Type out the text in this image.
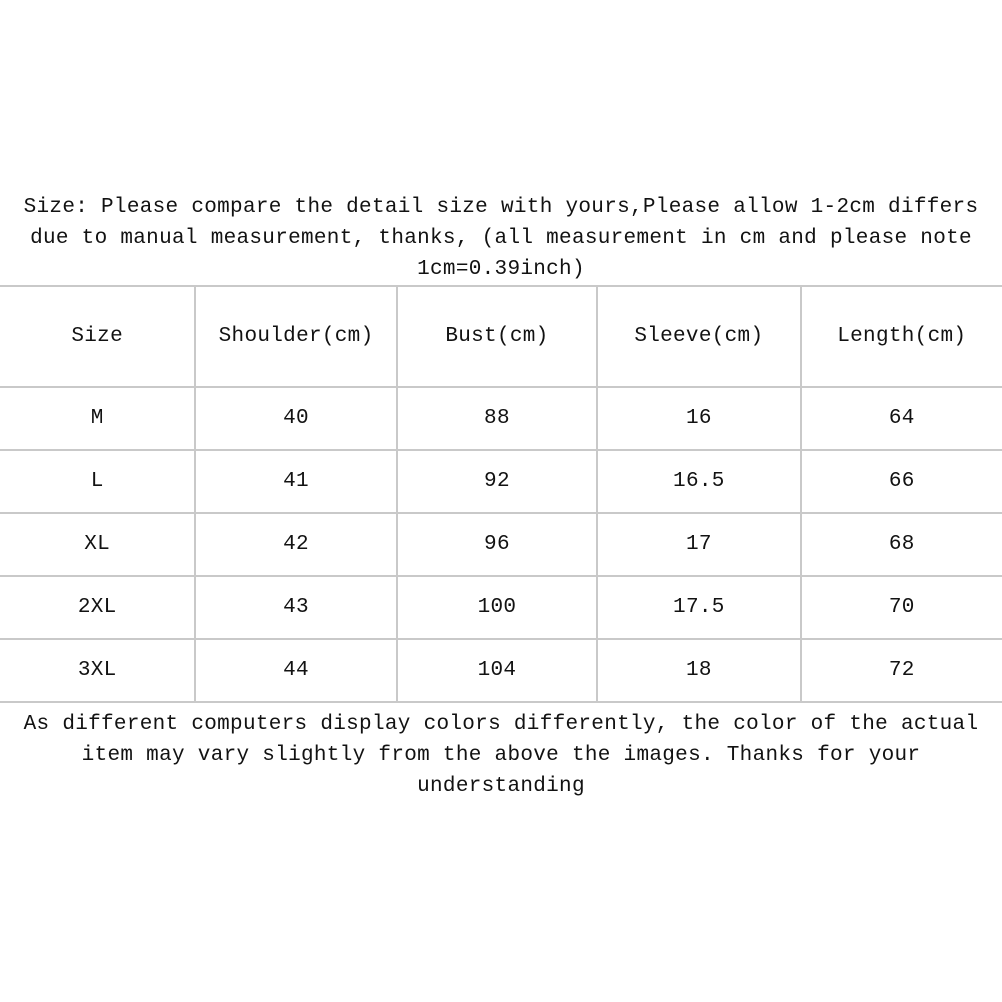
Size: Please compare the detail size with yours,Please allow 1-2cm differs
due to manual measurement, thanks, (all measurement in cm and please note
1cm=0.39inch)
Size	Shoulder(cm)	Bust(cm)	Sleeve(cm)	Length(cm)
M	40	88	16	64
L	41	92	16.5	66
XL	42	96	17	68
2XL	43	100	17.5	70
3XL	44	104	18	72
As different computers display colors differently, the color of the actual
item may vary slightly from the above the images. Thanks for your
understanding
